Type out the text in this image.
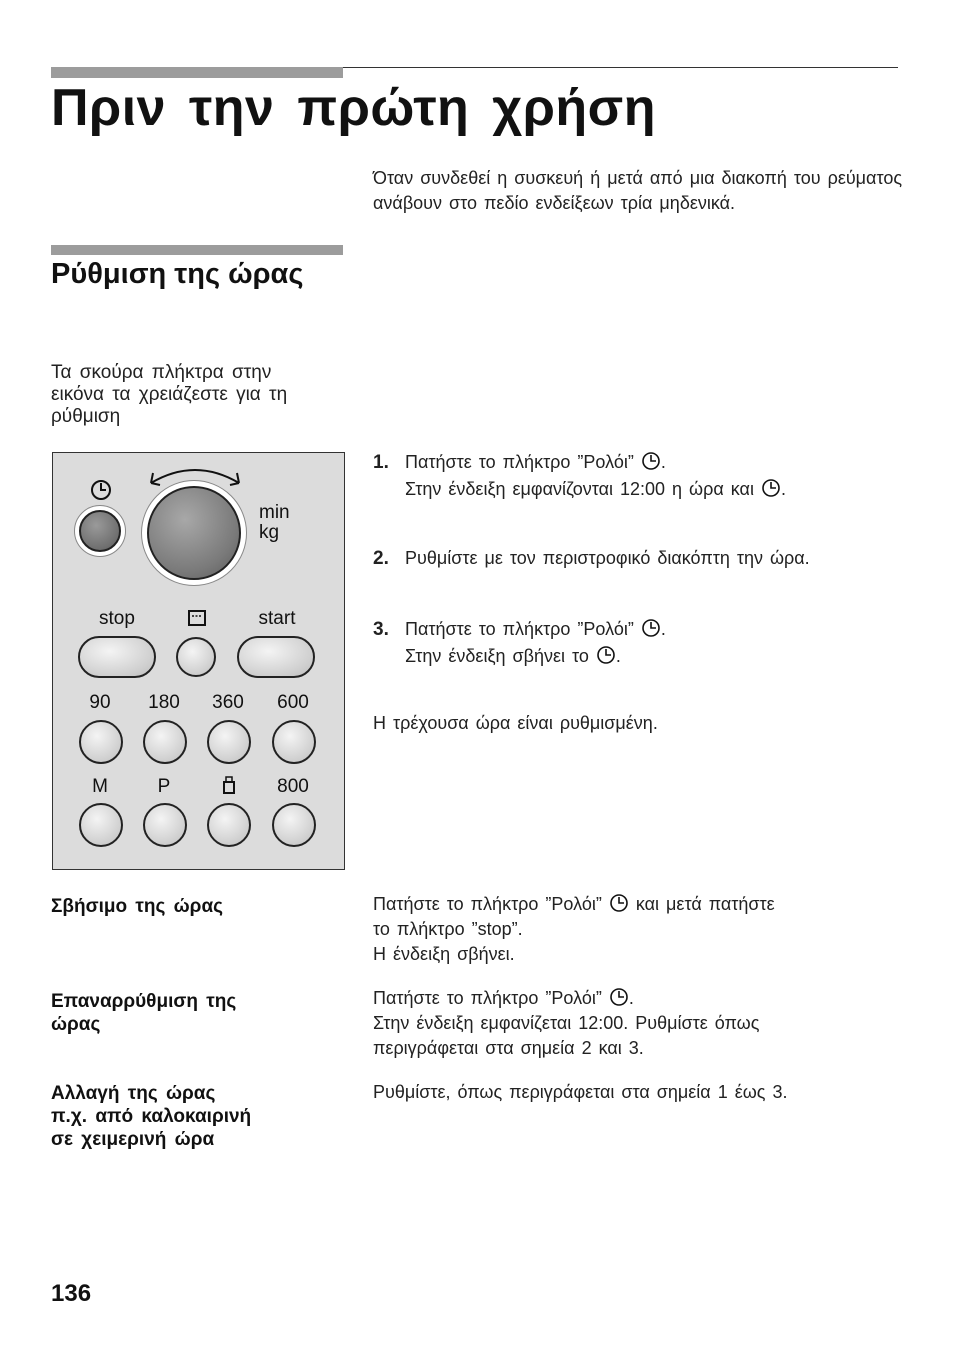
Πριν την πρώτη χρήση
Όταν συνδεθεί η συσκευή ή μετά από μια διακοπή του ρεύματος ανάβουν στο πεδίο ενδείξεων τρία μηδενικά.
Ρύθμιση της ώρας
Τα σκούρα πλήκτρα στην εικόνα τα χρειάζεστε για τη ρύθμιση
min
kg
stop	start
90	180 360 600
M	P	800
1. Πατήστε το πλήκτρο ”Ρολόι” .
Στην ένδειξη εμφανίζονται 12:00 η ώρα και .
2. Ρυθμίστε με τον περιστροφικό διακόπτη την ώρα.
3. Πατήστε το πλήκτρο ”Ρολόι” .
Στην ένδειξη σβήνει το .
Η τρέχουσα ώρα είναι ρυθμισμένη.
Σβήσιμο της ώρας	Πατήστε το πλήκτρο ”Ρολόι” και μετά πατήστε
το πλήκτρο ”stop”.
Η ένδειξη σβήνει.
Επαναρρύθμιση της
ώρας
Πατήστε το πλήκτρο ”Ρολόι” .
Στην ένδειξη εμφανίζεται 12:00. Ρυθμίστε όπως
περιγράφεται στα σημεία 2 και 3.
Αλλαγή της ώρας
π.χ. από καλοκαιρινή
σε χειμερινή ώρα
Ρυθμίστε, όπως περιγράφεται στα σημεία 1 έως 3.
136
